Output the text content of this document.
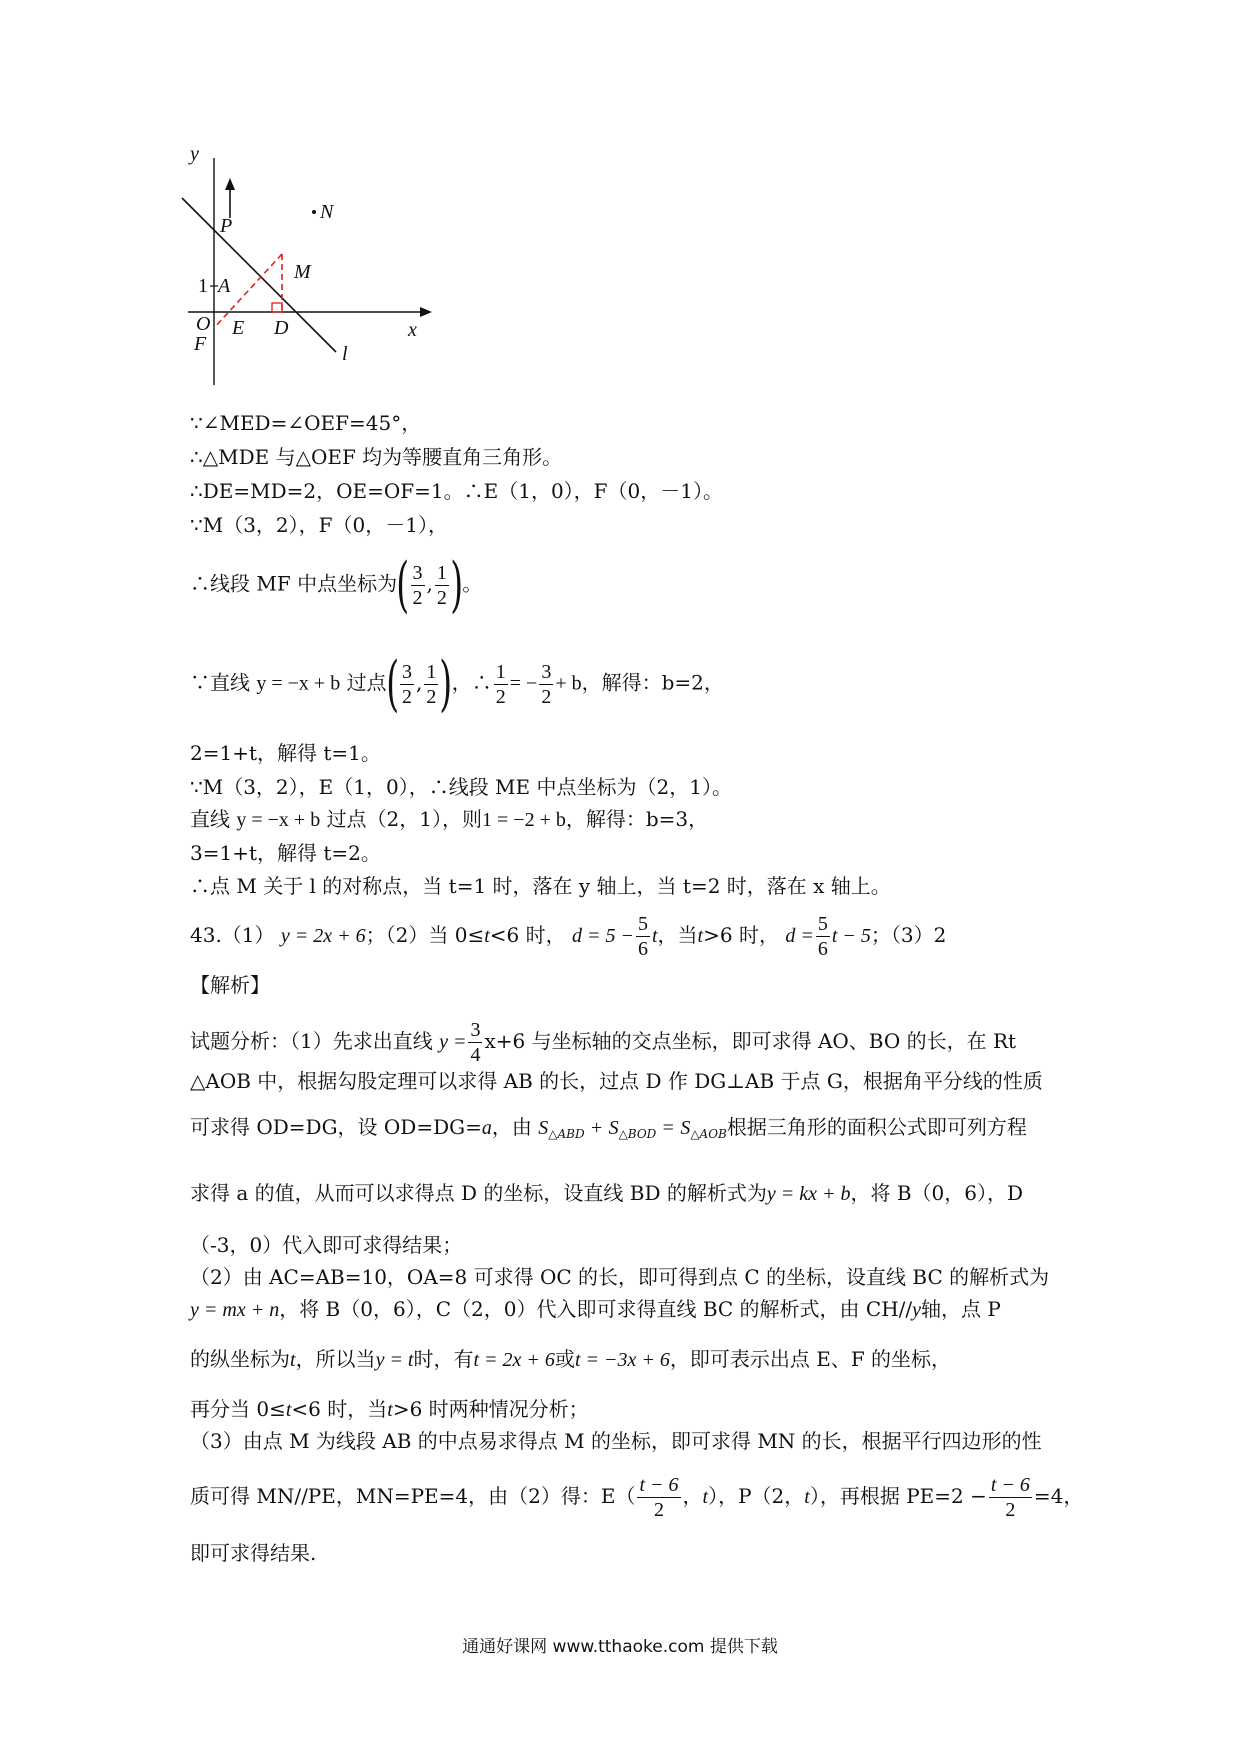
y
P
N
M
A
O E D
F
x
l
1
∵∠MED=∠OEF=45°，
∴△MDE 与△OEF 均为等腰直角三角形。
∴DE=MD=2，OE=OF=1。∴E（1，0），F（0，－1）。
∵M（3，2），F（0，－1），
∴线段 MF 中点坐标为( $\frac{3}{2}$ , $\frac{1}{2}$ )。
∵直线 y = −x + b 过点( $\frac{3}{2}$ , $\frac{1}{2}$ )，∴ $\frac{1}{2}$ = − $\frac{3}{2} + b$，解得：b=2，
2=1+t，解得 t=1。
∵M（3，2），E（1，0），∴线段 ME 中点坐标为（2，1）。
直线 y = −x + b 过点（2，1），则1 = −2 + b，解得：b=3，
3=1+t，解得 t=2。
∴点 M 关于 l 的对称点，当 t=1 时，落在 y 轴上，当 t=2 时，落在 x 轴上。
43.（1） y = 2x + 6；（2）当 0≤t<6 时， $d = 5 - \frac{5}{6}$ t，当t>6 时， $d = \frac{5}{6}$ t − 5；（3）2
【解析】
试题分析：（1）先求出直线 $y = \frac{3}{4} x+6$ 与坐标轴的交点坐标，即可求得 AO、BO 的长，在 Rt
△AOB 中，根据勾股定理可以求得 AB 的长，过点 D 作 DG⊥AB 于点 G，根据角平分线的性质
可求得 OD=DG，设 OD=DG=a，由 $S_{\triangle ABD} + S_{\triangle BOD} = S_{\triangle AOB}$根据三角形的面积公式即可列方程
求得 a 的值，从而可以求得点 D 的坐标，设直线 BD 的解析式为y = kx + b，将 B（0，6），D
（-3，0）代入即可求得结果；
（2）由 AC=AB=10，OA=8 可求得 OC 的长，即可得到点 C 的坐标，设直线 BC 的解析式为
y = mx + n，将 B（0，6），C（2，0）代入即可求得直线 BC 的解析式，由 CH//y轴，点 P
的纵坐标为t，所以当y = t时，有t = 2x + 6或t = −3x + 6，即可表示出点 E、F 的坐标，
再分当 0≤t<6 时，当t>6 时两种情况分析；
（3）由点 M 为线段 AB 的中点易求得点 M 的坐标，即可求得 MN 的长，根据平行四边形的性
质可得 MN//PE，MN=PE=4，由（2）得：$E( \frac{t - 6}{2}$ ，t），P（2，t），再根据 $PE=2 - \frac{t - 6}{2} =4$，
即可求得结果.
通通好课网 www.tthaoke.com 提供下载
